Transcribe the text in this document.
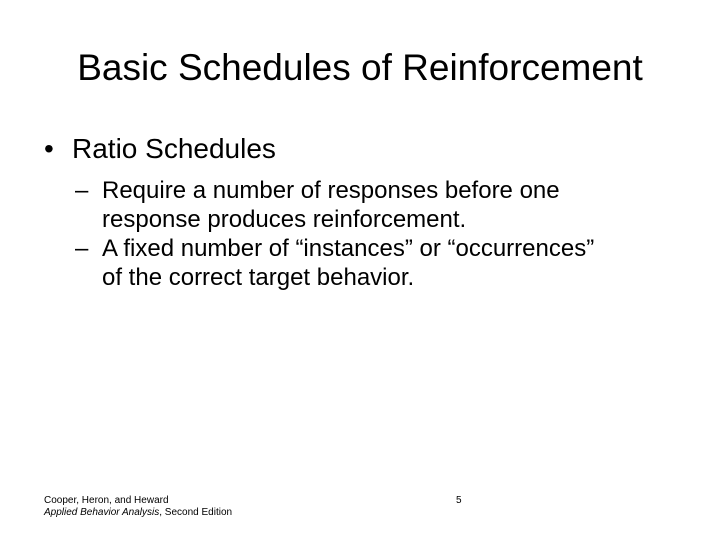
Basic Schedules of Reinforcement
• Ratio Schedules
– Require a number of responses before one
response produces reinforcement.
– A fixed number of “instances” or “occurrences”
of the correct target behavior.
Cooper, Heron, and Heward
Applied Behavior Analysis, Second Edition
5
